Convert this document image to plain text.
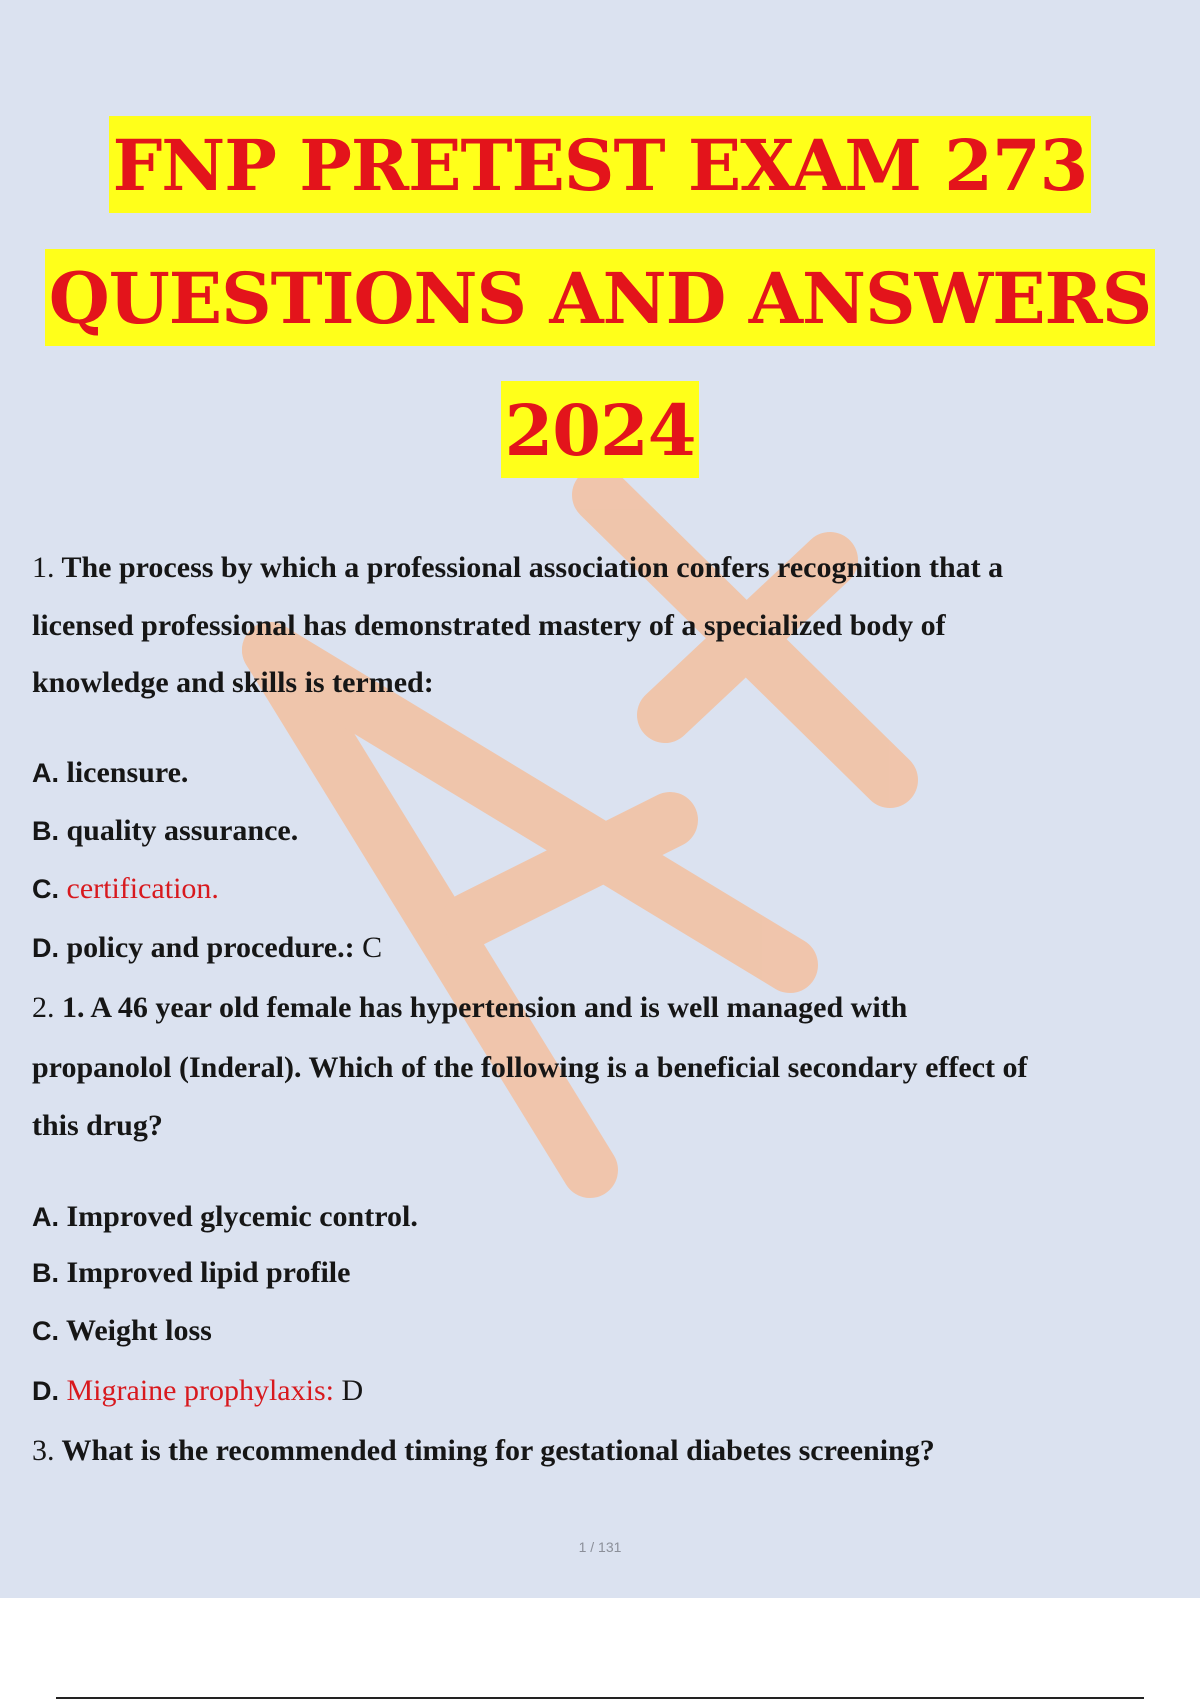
FNP PRETEST EXAM 273
QUESTIONS AND ANSWERS
2024
1. The process by which a professional association confers recognition that a
licensed professional has demonstrated mastery of a specialized body of
knowledge and skills is termed:
A. licensure.
B. quality assurance.
C. certification.
D. policy and procedure.: C
2. 1. A 46 year old female has hypertension and is well managed with
propanolol (Inderal). Which of the following is a beneficial secondary effect of
this drug?
A. Improved glycemic control.
B. Improved lipid profile
C. Weight loss
D. Migraine prophylaxis: D
3. What is the recommended timing for gestational diabetes screening?
1 / 131
